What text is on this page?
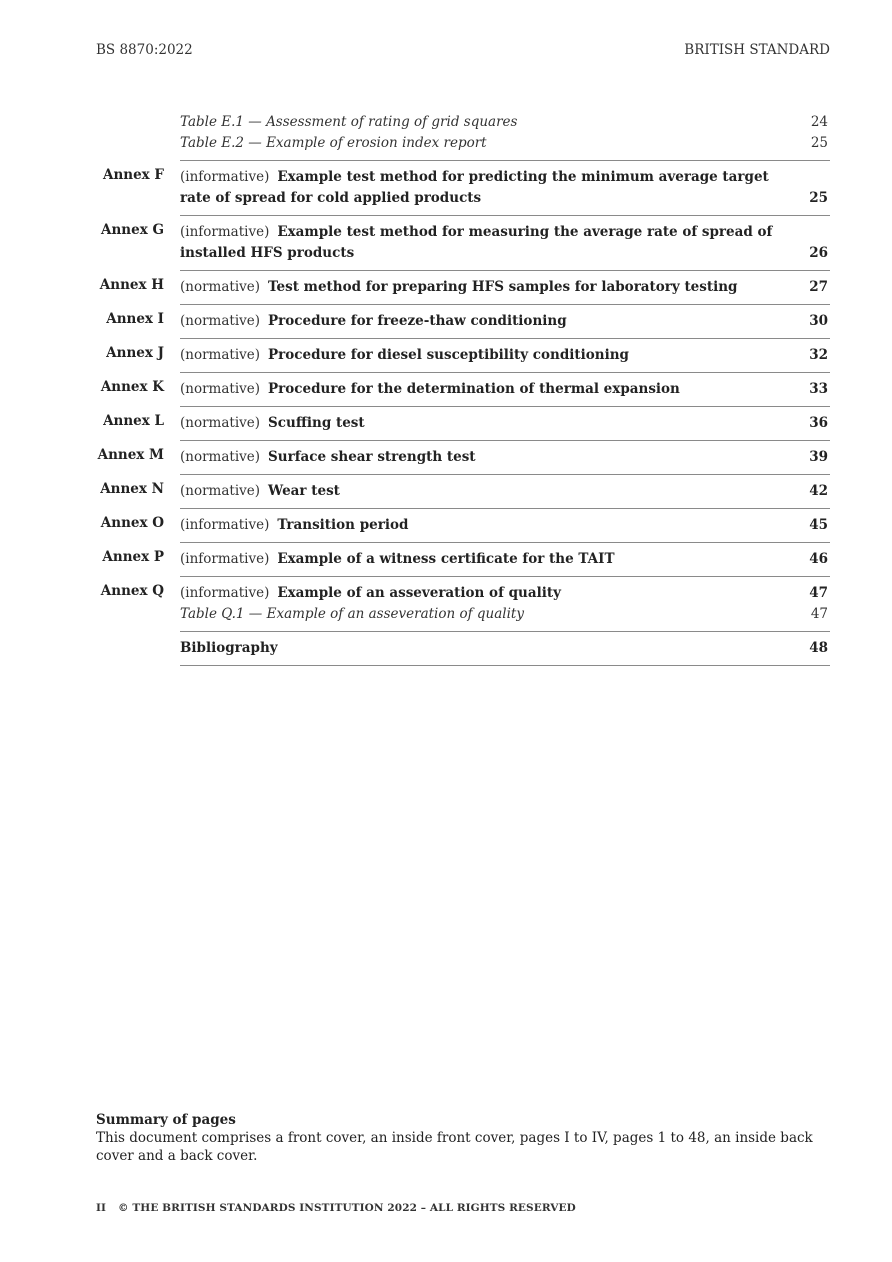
BS 8870:2022	BRITISH STANDARD
Table E.1 — Assessment of rating of grid squares	24
Table E.2 — Example of erosion index report	25
Annex F (informative) Example test method for predicting the minimum average target rate of spread for cold applied products	25
Annex G (informative) Example test method for measuring the average rate of spread of installed HFS products	26
Annex H (normative) Test method for preparing HFS samples for laboratory testing	27
Annex I (normative) Procedure for freeze-thaw conditioning	30
Annex J (normative) Procedure for diesel susceptibility conditioning	32
Annex K (normative) Procedure for the determination of thermal expansion	33
Annex L (normative) Scuffing test	36
Annex M (normative) Surface shear strength test	39
Annex N (normative) Wear test	42
Annex O (informative) Transition period	45
Annex P (informative) Example of a witness certificate for the TAIT	46
Annex Q (informative) Example of an asseveration of quality	47
Table Q.1 — Example of an asseveration of quality	47
Bibliography	48
Summary of pages
This document comprises a front cover, an inside front cover, pages I to IV, pages 1 to 48, an inside back cover and a back cover.
II © THE BRITISH STANDARDS INSTITUTION 2022 – ALL RIGHTS RESERVED
